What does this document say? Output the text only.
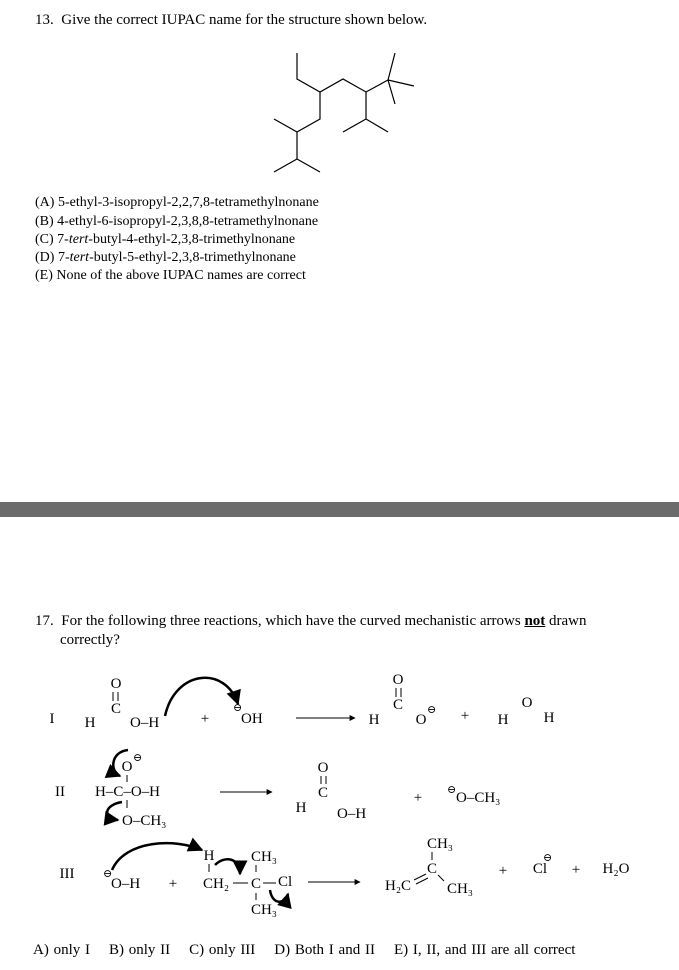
13. Give the correct IUPAC name for the structure shown below.
(A) 5-ethyl-3-isopropyl-2,2,7,8-tetramethylnonane
(B) 4-ethyl-6-isopropyl-2,3,8,8-tetramethylnonane
(C) 7-tert-butyl-4-ethyl-2,3,8-trimethylnonane
(D) 7-tert-butyl-5-ethyl-2,3,8-trimethylnonane
(E) None of the above IUPAC names are correct
17. For the following three reactions, which have the curved mechanistic arrows not drawn
correctly?
A) only I    B) only II    C) only III    D) Both I and II    E) I, II, and III are all correct
I
O
C
H O–H	+
⊖
OH
O
C
H O
⊖ + H
O
H
II
O
⊖
H–C–O–H
O–CH₃
O
C
H O–H
+ ⊖ O–CH₃
III	⊖
O–H +
H
CH₂ C Cl
CH₃
CH₃
H₂C
C
CH₃
CH₃
+ Cl
⊖
+ H₂O
